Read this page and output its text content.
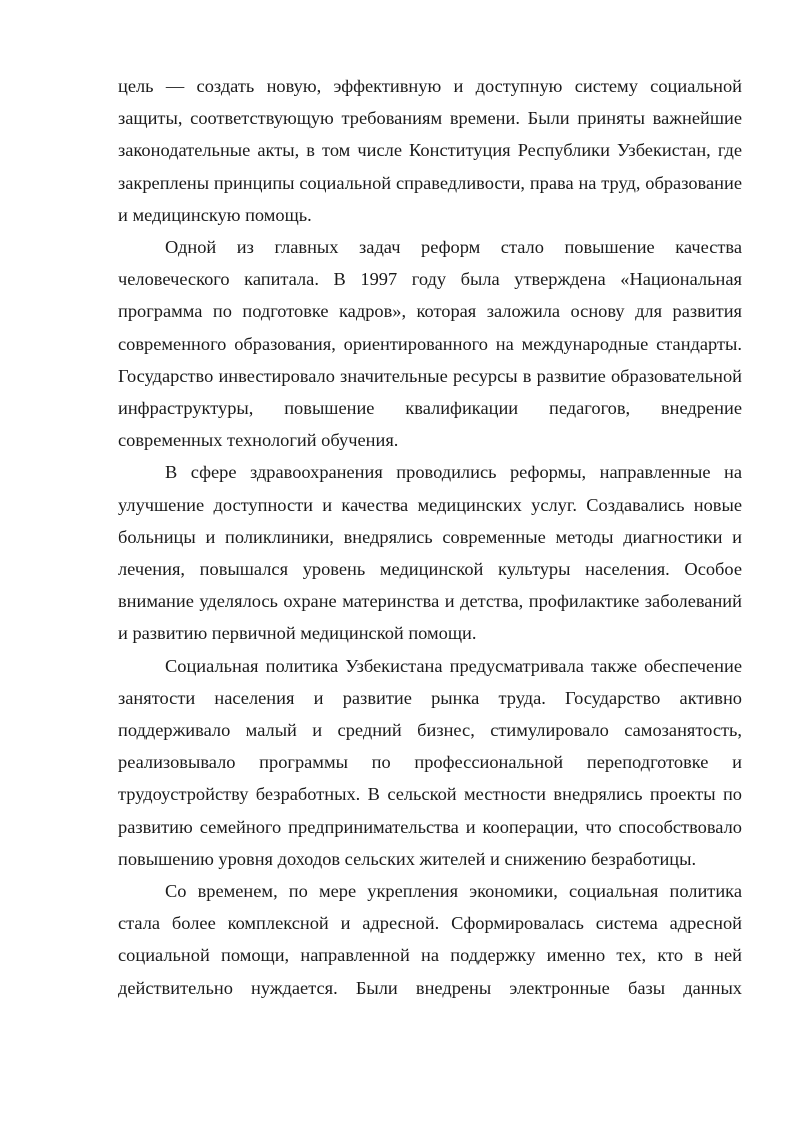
цель — создать новую, эффективную и доступную систему социальной защиты, соответствующую требованиям времени. Были приняты важнейшие законодательные акты, в том числе Конституция Республики Узбекистан, где закреплены принципы социальной справедливости, права на труд, образование и медицинскую помощь.

Одной из главных задач реформ стало повышение качества человеческого капитала. В 1997 году была утверждена «Национальная программа по подготовке кадров», которая заложила основу для развития современного образования, ориентированного на международные стандарты. Государство инвестировало значительные ресурсы в развитие образовательной инфраструктуры, повышение квалификации педагогов, внедрение современных технологий обучения.

В сфере здравоохранения проводились реформы, направленные на улучшение доступности и качества медицинских услуг. Создавались новые больницы и поликлиники, внедрялись современные методы диагностики и лечения, повышался уровень медицинской культуры населения. Особое внимание уделялось охране материнства и детства, профилактике заболеваний и развитию первичной медицинской помощи.

Социальная политика Узбекистана предусматривала также обеспечение занятости населения и развитие рынка труда. Государство активно поддерживало малый и средний бизнес, стимулировало самозанятость, реализовывало программы по профессиональной переподготовке и трудоустройству безработных. В сельской местности внедрялись проекты по развитию семейного предпринимательства и кооперации, что способствовало повышению уровня доходов сельских жителей и снижению безработицы.

Со временем, по мере укрепления экономики, социальная политика стала более комплексной и адресной. Сформировалась система адресной социальной помощи, направленной на поддержку именно тех, кто в ней действительно нуждается. Были внедрены электронные базы данных
